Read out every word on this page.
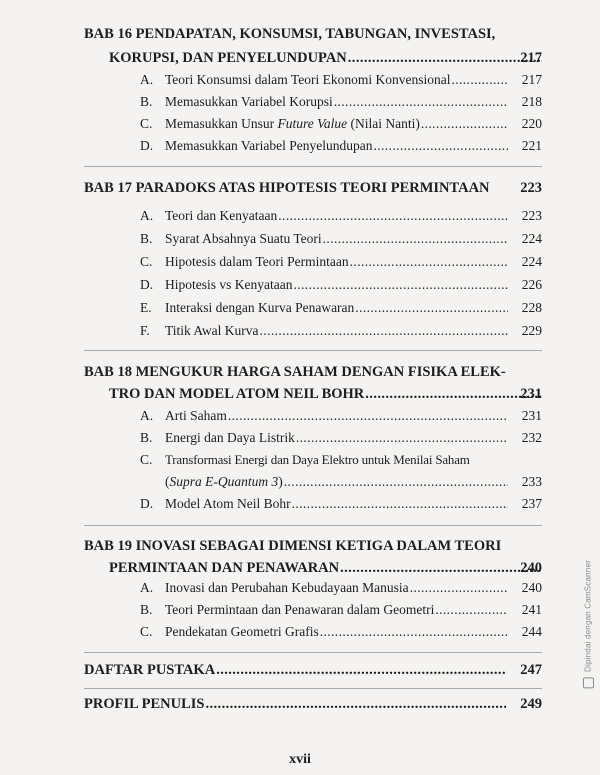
BAB 16 PENDAPATAN, KONSUMSI, TABUNGAN, INVESTASI,
KORUPSI, DAN PENYELUNDUPAN .....	217
A. Teori Konsumsi dalam Teori Ekonomi Konvensional .....	217
B. Memasukkan Variabel Korupsi .....	218
C. Memasukkan Unsur Future Value (Nilai Nanti) .....	220
D. Memasukkan Variabel Penyelundupan .....	221
BAB 17 PARADOKS ATAS HIPOTESIS TEORI PERMINTAAN 223
A. Teori dan Kenyataan .....	223
B. Syarat Absahnya Suatu Teori .....	224
C. Hipotesis dalam Teori Permintaan .....	224
D. Hipotesis vs Kenyataan .....	226
E. Interaksi dengan Kurva Penawaran .....	228
F. Titik Awal Kurva .....	229
BAB 18 MENGUKUR HARGA SAHAM DENGAN FISIKA ELEK-
TRO DAN MODEL ATOM NEIL BOHR .....	231
A. Arti Saham .....	231
B. Energi dan Daya Listrik .....	232
C. Transformasi Energi dan Daya Elektro untuk Menilai Saham
(Supra E-Quantum 3) .....	233
D. Model Atom Neil Bohr .....	237
BAB 19 INOVASI SEBAGAI DIMENSI KETIGA DALAM TEORI
PERMINTAAN DAN PENAWARAN .....	240
A. Inovasi dan Perubahan Kebudayaan Manusia .....	240
B. Teori Permintaan dan Penawaran dalam Geometri .....	241
C. Pendekatan Geometri Grafis .....	244
DAFTAR PUSTAKA .....	247
PROFIL PENULIS .....	249
xvii
Dipindai dengan CamScanner
